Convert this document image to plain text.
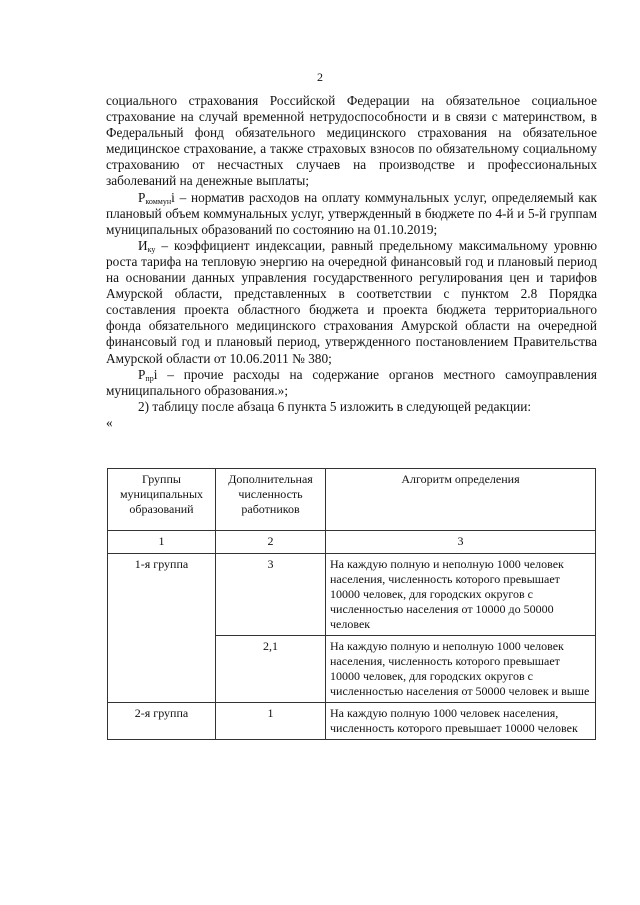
2

социального страхования Российской Федерации на обязательное социальное страхование на случай временной нетрудоспособности и в связи с материнством, в Федеральный фонд обязательного медицинского страхования на обязательное медицинское страхование, а также страховых взносов по обязательному социальному страхованию от несчастных случаев на производстве и профессиональных заболеваний на денежные выплаты;

$Р_{коммун}i$ – норматив расходов на оплату коммунальных услуг, определяемый как плановый объем коммунальных услуг, утвержденный в бюджете по 4-й и 5-й группам муниципальных образований по состоянию на 01.10.2019;

$И_{ку}$ – коэффициент индексации, равный предельному максимальному уровню роста тарифа на тепловую энергию на очередной финансовый год и плановый период на основании данных управления государственного регулирования цен и тарифов Амурской области, представленных в соответствии с пунктом 2.8 Порядка составления проекта областного бюджета и проекта бюджета территориального фонда обязательного медицинского страхования Амурской области на очередной финансовый год и плановый период, утвержденного постановлением Правительства Амурской области от 10.06.2011 № 380;

$Р_{пр}i$ – прочие расходы на содержание органов местного самоуправления муниципального образования.»;

2) таблицу после абзаца 6 пункта 5 изложить в следующей редакции:

«
Группы муниципальных образований	Дополнительная численность работников	Алгоритм определения
1	2	3
1-я группа	3	На каждую полную и неполную 1000 человек населения, численность которого превышает 10000 человек, для городских округов с численностью населения от 10000 до 50000 человек
	2,1	На каждую полную и неполную 1000 человек населения, численность которого превышает 10000 человек, для городских округов с численностью населения от 50000 человек и выше
2-я группа	1	На каждую полную 1000 человек населения, численность которого превышает 10000 человек
